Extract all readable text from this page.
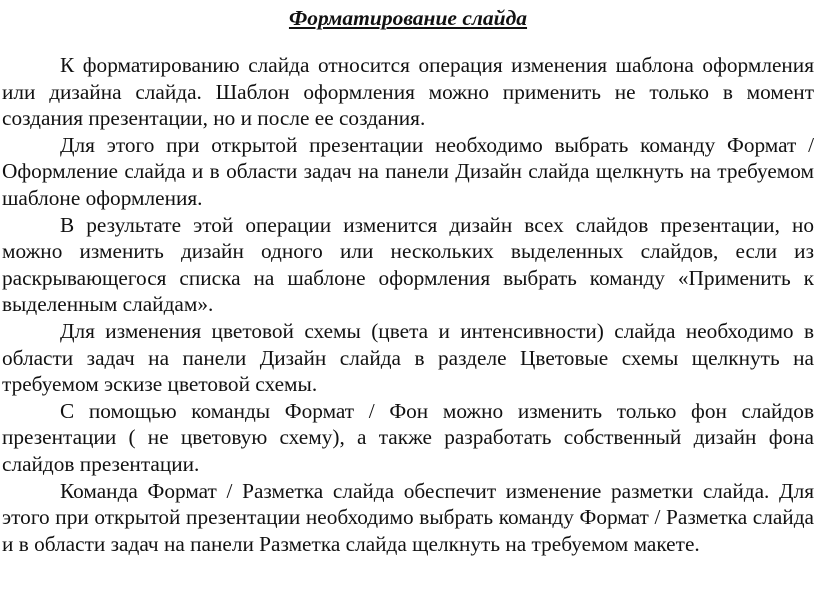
Форматирование слайда

К форматированию слайда относится операция изменения шаблона оформления или дизайна слайда. Шаблон оформления можно применить не только в момент создания презентации, но и после ее создания.

Для этого при открытой презентации необходимо выбрать команду Формат / Оформление слайда и в области задач на панели Дизайн слайда щелкнуть на требуемом шаблоне оформления.

В результате этой операции изменится дизайн всех слайдов презентации, но можно изменить дизайн одного или нескольких выделенных слайдов, если из раскрывающегося списка на шаблоне оформления выбрать команду «Применить к выделенным слайдам».

Для изменения цветовой схемы (цвета и интенсивности) слайда необходимо в области задач на панели Дизайн слайда в разделе Цветовые схемы щелкнуть на требуемом эскизе цветовой схемы.

С помощью команды Формат / Фон можно изменить только фон слайдов презентации ( не цветовую схему), а также разработать собственный дизайн фона слайдов презентации.

Команда Формат / Разметка слайда обеспечит изменение разметки слайда. Для этого при открытой презентации необходимо выбрать команду Формат / Разметка слайда и в области задач на панели Разметка слайда щелкнуть на требуемом макете.
